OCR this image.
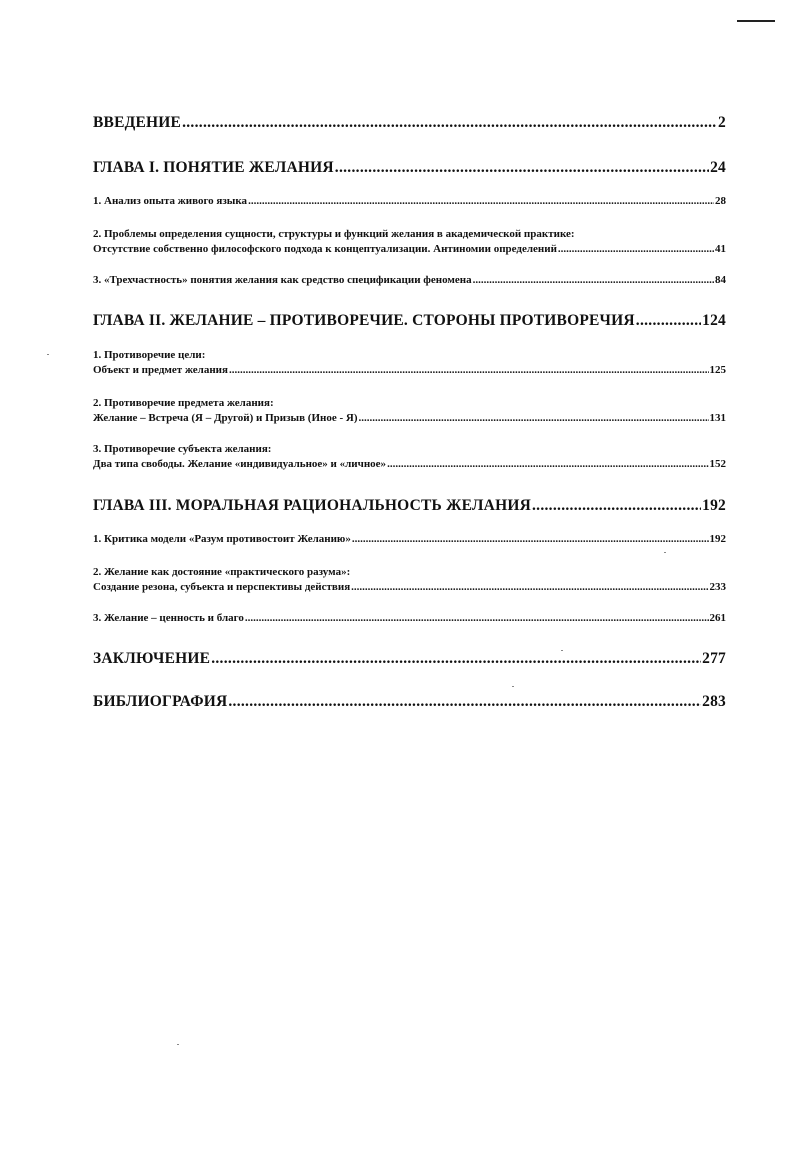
ВВЕДЕНИЕ .....	2
ГЛАВА I. ПОНЯТИЕ ЖЕЛАНИЯ .....	24
1. Анализ опыта живого языка .....	28
2. Проблемы определения сущности, структуры и функций желания в академической практике:
Отсутствие собственно философского подхода к концептуализации. Антиномии определений .....	41
3. «Трехчастность» понятия желания как средство спецификации феномена .....	84
ГЛАВА II. ЖЕЛАНИЕ – ПРОТИВОРЕЧИЕ. СТОРОНЫ ПРОТИВОРЕЧИЯ .....	124
1. Противоречие цели:
Объект и предмет желания .....	125
2. Противоречие предмета желания:
Желание – Встреча (Я – Другой) и Призыв (Иное - Я) .....	131
3. Противоречие субъекта желания:
Два типа свободы. Желание «индивидуальное» и «личное» .....	152
ГЛАВА III. МОРАЛЬНАЯ РАЦИОНАЛЬНОСТЬ ЖЕЛАНИЯ .....	192
1. Критика модели «Разум противостоит Желанию» .....	192
2. Желание как достояние «практического разума»:
Создание резона, субъекта и перспективы действия .....	233
3. Желание – ценность и благо .....	261
ЗАКЛЮЧЕНИЕ .....	277
БИБЛИОГРАФИЯ .....	283
